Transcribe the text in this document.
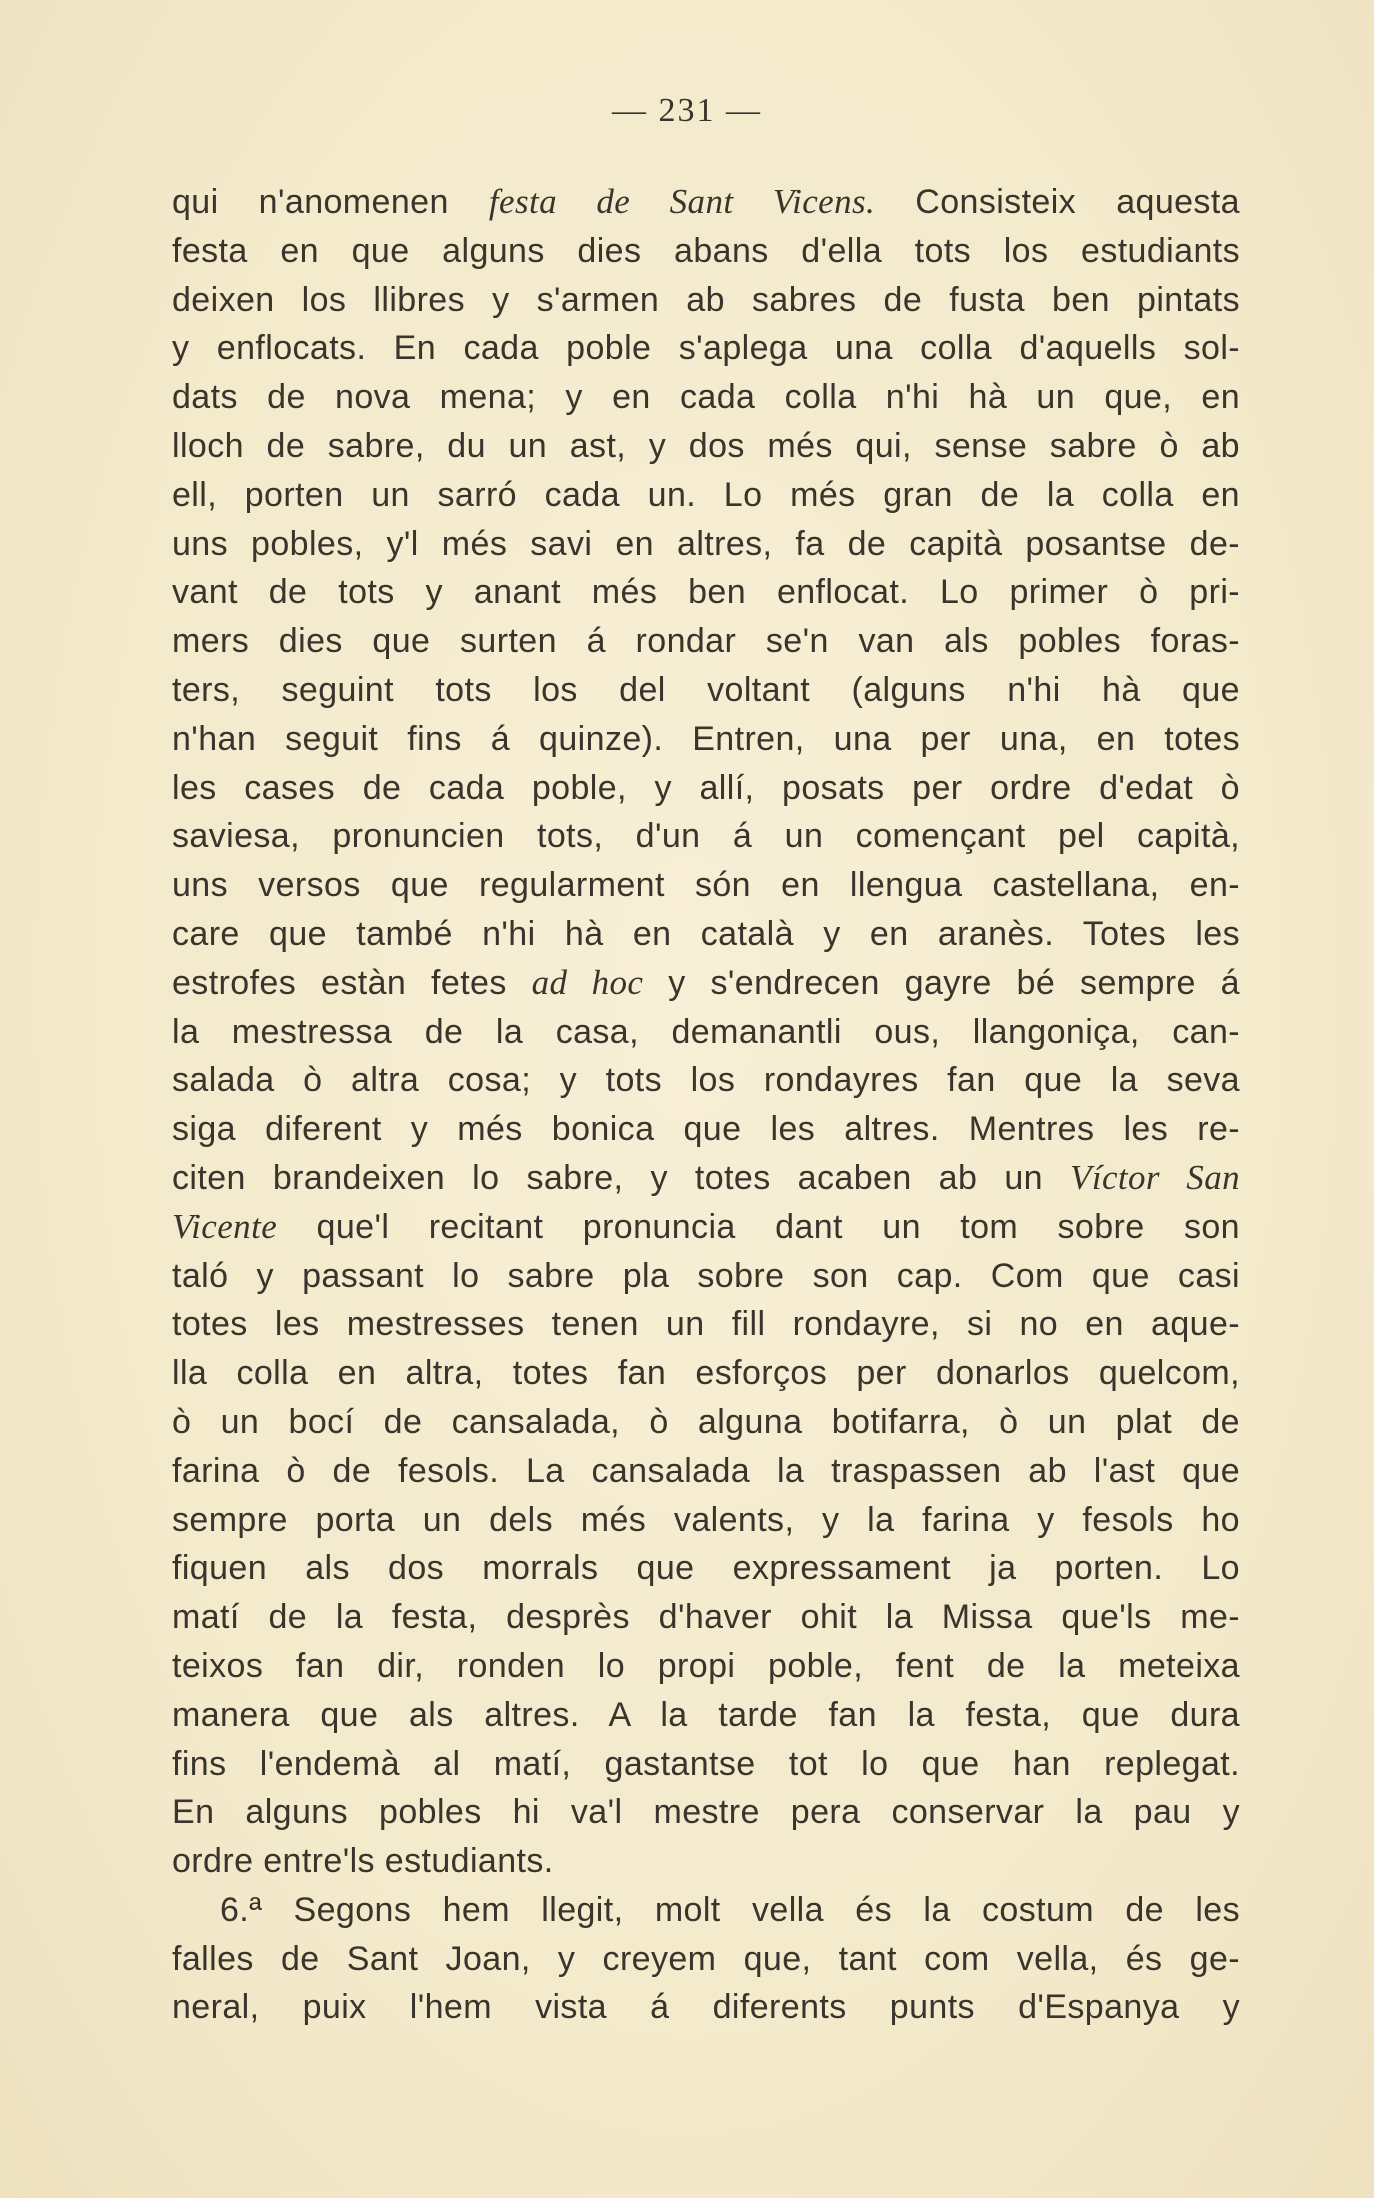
— 231 —
qui n'anomenen festa de Sant Vicens. Consisteix aquesta
festa en que alguns dies abans d'ella tots los estudiants
deixen los llibres y s'armen ab sabres de fusta ben pintats
y enflocats. En cada poble s'aplega una colla d'aquells sol-
dats de nova mena; y en cada colla n'hi hà un que, en
lloch de sabre, du un ast, y dos més qui, sense sabre ò ab
ell, porten un sarró cada un. Lo més gran de la colla en
uns pobles, y'l més savi en altres, fa de capità posantse de-
vant de tots y anant més ben enflocat. Lo primer ò pri-
mers dies que surten á rondar se'n van als pobles foras-
ters, seguint tots los del voltant (alguns n'hi hà que
n'han seguit fins á quinze). Entren, una per una, en totes
les cases de cada poble, y allí, posats per ordre d'edat ò
saviesa, pronuncien tots, d'un á un començant pel capità,
uns versos que regularment són en llengua castellana, en-
care que també n'hi hà en català y en aranès. Totes les
estrofes estàn fetes ad hoc y s'endrecen gayre bé sempre á
la mestressa de la casa, demanantli ous, llangoniça, can-
salada ò altra cosa; y tots los rondayres fan que la seva
siga diferent y més bonica que les altres. Mentres les re-
citen brandeixen lo sabre, y totes acaben ab un Víctor San
Vicente que'l recitant pronuncia dant un tom sobre son
taló y passant lo sabre pla sobre son cap. Com que casi
totes les mestresses tenen un fill rondayre, si no en aque-
lla colla en altra, totes fan esforços per donarlos quelcom,
ò un bocí de cansalada, ò alguna botifarra, ò un plat de
farina ò de fesols. La cansalada la traspassen ab l'ast que
sempre porta un dels més valents, y la farina y fesols ho
fiquen als dos morrals que expressament ja porten. Lo
matí de la festa, desprès d'haver ohit la Missa que'ls me-
teixos fan dir, ronden lo propi poble, fent de la meteixa
manera que als altres. A la tarde fan la festa, que dura
fins l'endemà al matí, gastantse tot lo que han replegat.
En alguns pobles hi va'l mestre pera conservar la pau y
ordre entre'ls estudiants.
6.ª Segons hem llegit, molt vella és la costum de les
falles de Sant Joan, y creyem que, tant com vella, és ge-
neral, puix l'hem vista á diferents punts d'Espanya y
